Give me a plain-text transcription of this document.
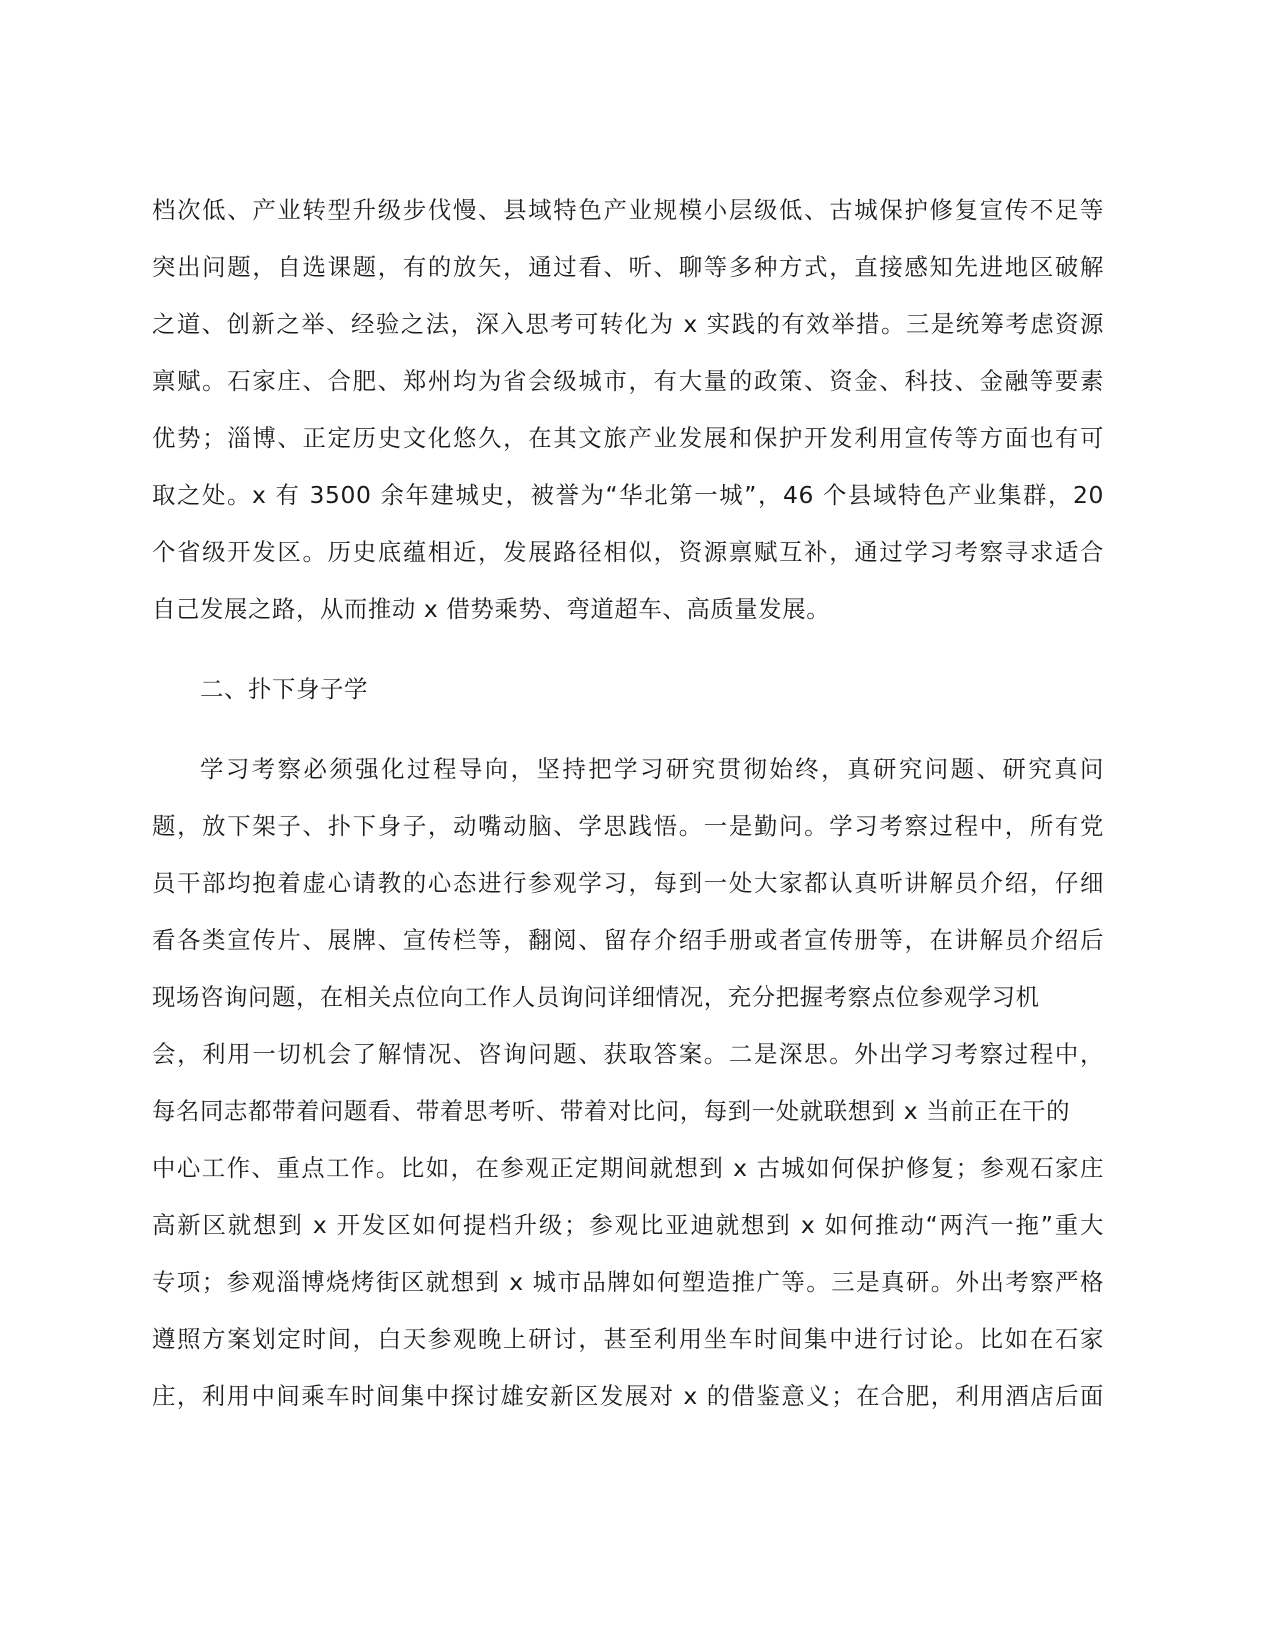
档次低、产业转型升级步伐慢、县域特色产业规模小层级低、古城保护修复宣传不足等
突出问题，自选课题，有的放矢，通过看、听、聊等多种方式，直接感知先进地区破解
之道、创新之举、经验之法，深入思考可转化为 x 实践的有效举措。三是统筹考虑资源
禀赋。石家庄、合肥、郑州均为省会级城市，有大量的政策、资金、科技、金融等要素
优势；淄博、正定历史文化悠久，在其文旅产业发展和保护开发利用宣传等方面也有可
取之处。x 有 3500 余年建城史，被誉为“华北第一城”，46 个县域特色产业集群，20
个省级开发区。历史底蕴相近，发展路径相似，资源禀赋互补，通过学习考察寻求适合
自己发展之路，从而推动 x 借势乘势、弯道超车、高质量发展。
二、扑下身子学
学习考察必须强化过程导向，坚持把学习研究贯彻始终，真研究问题、研究真问
题，放下架子、扑下身子，动嘴动脑、学思践悟。一是勤问。学习考察过程中，所有党
员干部均抱着虚心请教的心态进行参观学习，每到一处大家都认真听讲解员介绍，仔细
看各类宣传片、展牌、宣传栏等，翻阅、留存介绍手册或者宣传册等，在讲解员介绍后
现场咨询问题，在相关点位向工作人员询问详细情况，充分把握考察点位参观学习机
会，利用一切机会了解情况、咨询问题、获取答案。二是深思。外出学习考察过程中，
每名同志都带着问题看、带着思考听、带着对比问，每到一处就联想到 x 当前正在干的
中心工作、重点工作。比如，在参观正定期间就想到 x 古城如何保护修复；参观石家庄
高新区就想到 x 开发区如何提档升级；参观比亚迪就想到 x 如何推动“两汽一拖”重大
专项；参观淄博烧烤街区就想到 x 城市品牌如何塑造推广等。三是真研。外出考察严格
遵照方案划定时间，白天参观晚上研讨，甚至利用坐车时间集中进行讨论。比如在石家
庄，利用中间乘车时间集中探讨雄安新区发展对 x 的借鉴意义；在合肥，利用酒店后面
